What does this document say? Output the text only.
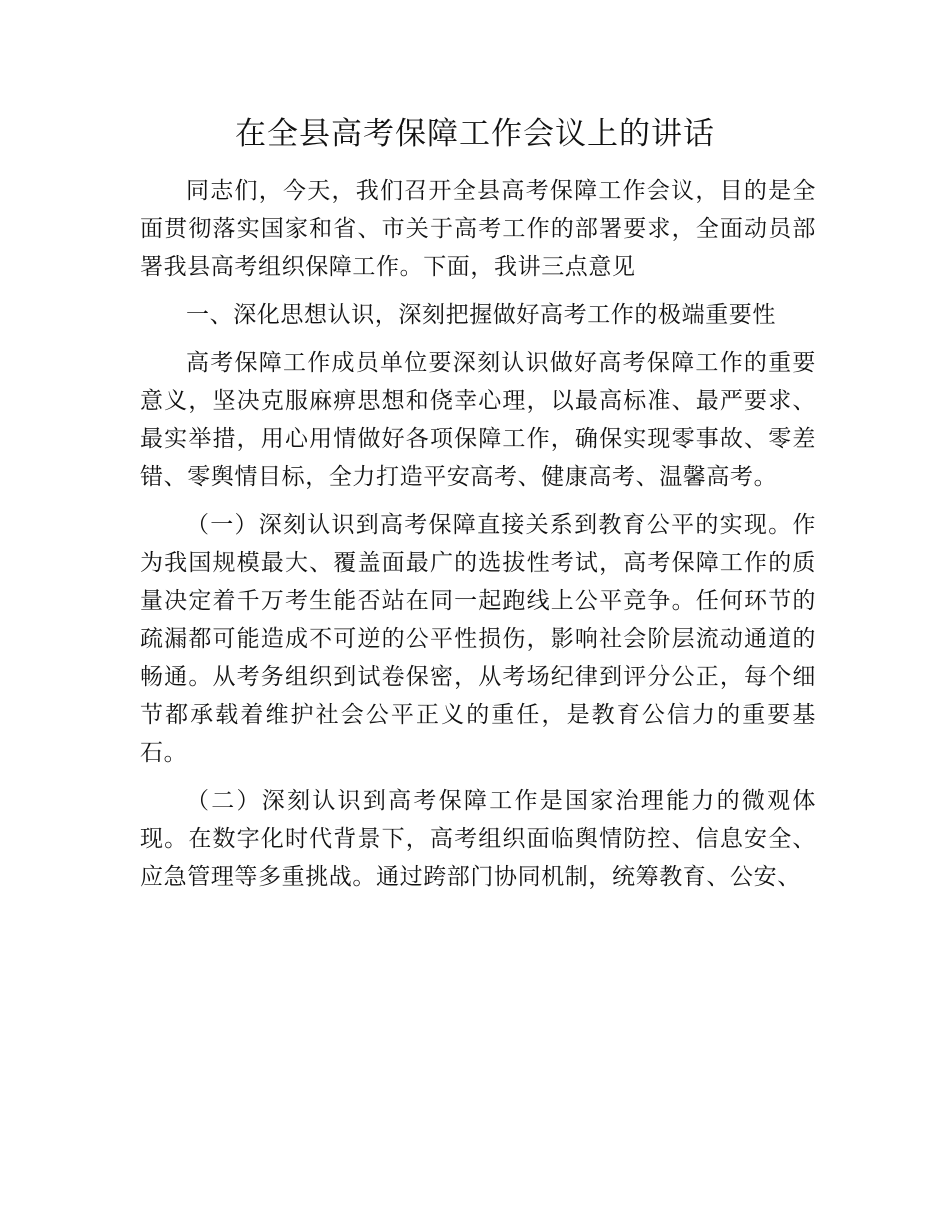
在全县高考保障工作会议上的讲话

同志们，今天，我们召开全县高考保障工作会议，目的是全面贯彻落实国家和省、市关于高考工作的部署要求，全面动员部署我县高考组织保障工作。下面，我讲三点意见

一、深化思想认识，深刻把握做好高考工作的极端重要性

高考保障工作成员单位要深刻认识做好高考保障工作的重要意义，坚决克服麻痹思想和侥幸心理，以最高标准、最严要求、最实举措，用心用情做好各项保障工作，确保实现零事故、零差错、零舆情目标，全力打造平安高考、健康高考、温馨高考。

（一）深刻认识到高考保障直接关系到教育公平的实现。作为我国规模最大、覆盖面最广的选拔性考试，高考保障工作的质量决定着千万考生能否站在同一起跑线上公平竞争。任何环节的疏漏都可能造成不可逆的公平性损伤，影响社会阶层流动通道的畅通。从考务组织到试卷保密，从考场纪律到评分公正，每个细节都承载着维护社会公平正义的重任，是教育公信力的重要基石。

（二）深刻认识到高考保障工作是国家治理能力的微观体现。在数字化时代背景下，高考组织面临舆情防控、信息安全、应急管理等多重挑战。通过跨部门协同机制，统筹教育、公安、
